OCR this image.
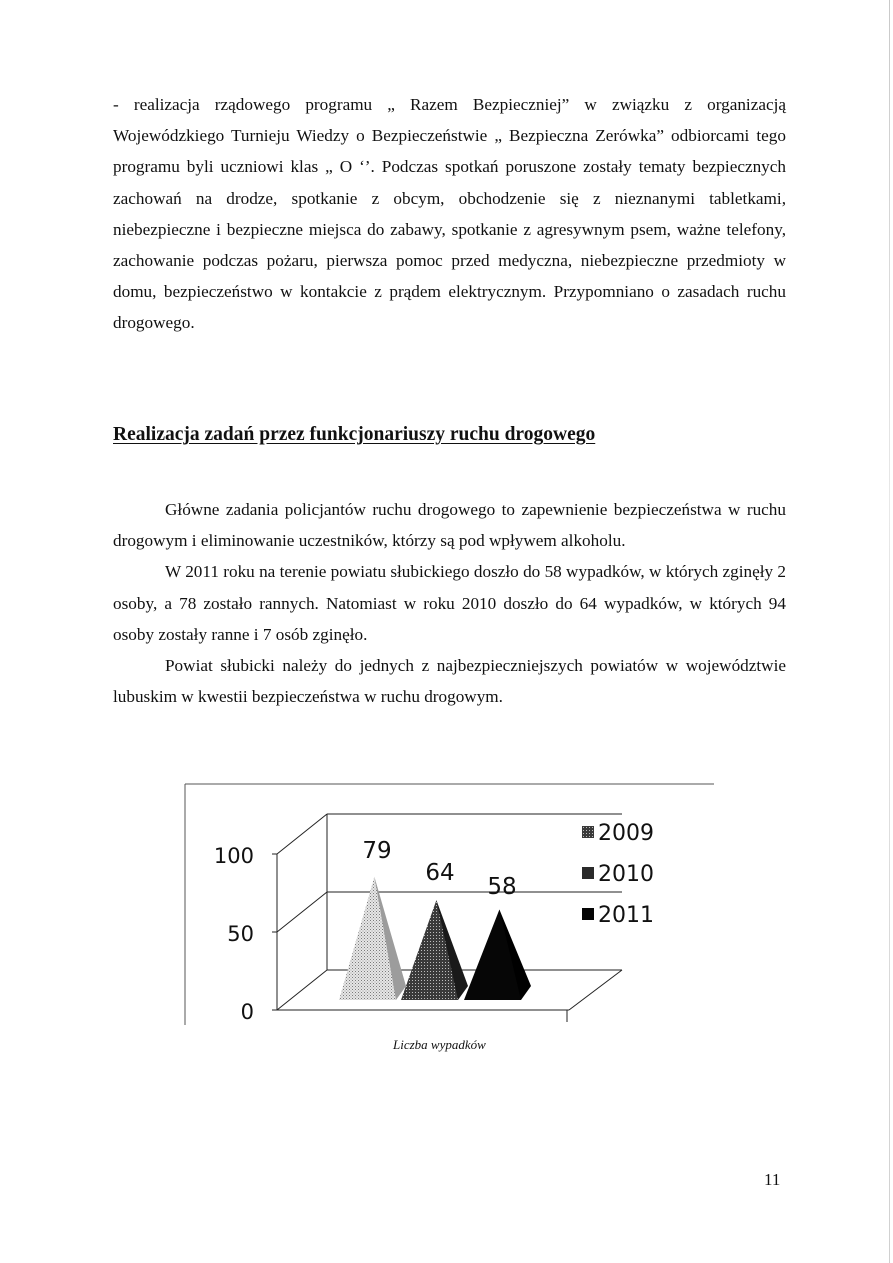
- realizacja rządowego programu „ Razem Bezpieczniej” w związku z organizacją Wojewódzkiego Turnieju Wiedzy o Bezpieczeństwie „ Bezpieczna Zerówka” odbiorcami tego programu byli uczniowi klas „ O ‘’. Podczas spotkań poruszone zostały tematy bezpiecznych zachowań na drodze, spotkanie z obcym, obchodzenie się z nieznanymi tabletkami, niebezpieczne i bezpieczne miejsca do zabawy, spotkanie z agresywnym psem, ważne telefony, zachowanie podczas pożaru, pierwsza pomoc przed medyczna, niebezpieczne przedmioty w domu, bezpieczeństwo w kontakcie z prądem elektrycznym. Przypomniano o zasadach ruchu drogowego.

Realizacja zadań przez funkcjonariuszy ruchu drogowego

Główne zadania policjantów ruchu drogowego to zapewnienie bezpieczeństwa w ruchu drogowym i eliminowanie uczestników, którzy są pod wpływem alkoholu.

W 2011 roku na terenie powiatu słubickiego doszło do 58 wypadków, w których zginęły 2 osoby, a 78 zostało rannych. Natomiast w roku 2010 doszło do 64 wypadków, w których 94 osoby zostały ranne i 7 osób zginęło.

Powiat słubicki należy do jednych z najbezpieczniejszych powiatów w województwie lubuskim w kwestii bezpieczeństwa w ruchu drogowym.

0
50
100	79
64
58
2009
2010
2011

Liczba wypadków

11
